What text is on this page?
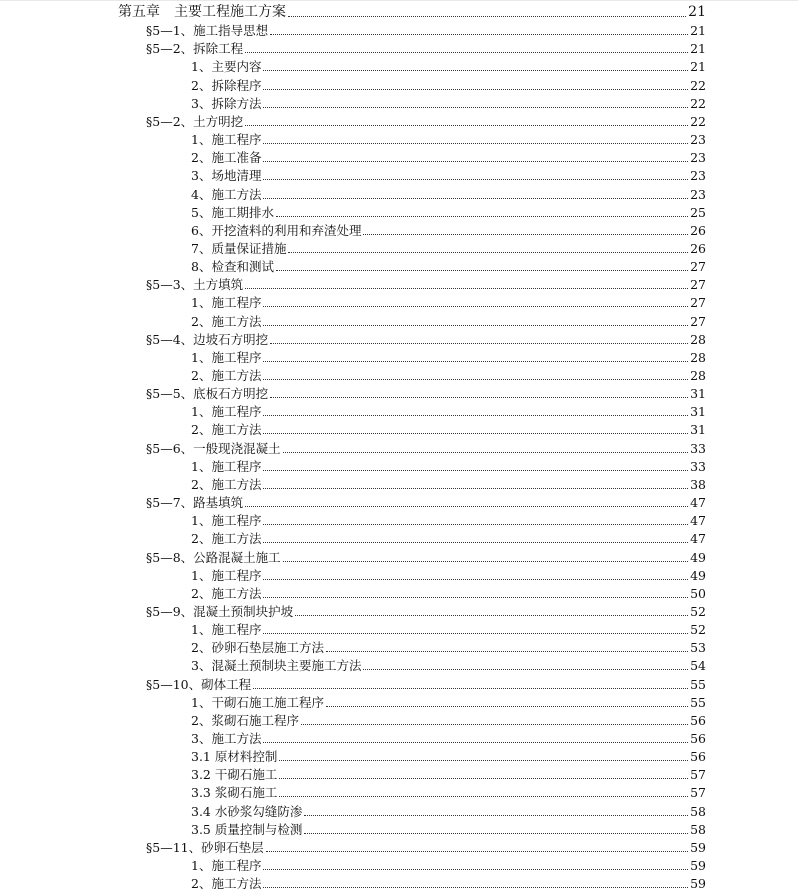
第五章　主要工程施工方案	21
§5—1、施工指导思想	21
§5—2、拆除工程	21
1、主要内容	21
2、拆除程序	22
3、拆除方法	22
§5—2、土方明挖	22
1、施工程序	23
2、施工准备	23
3、场地清理	23
4、施工方法	23
5、施工期排水	25
6、开挖渣料的利用和弃渣处理	26
7、质量保证措施	26
8、检查和测试	27
§5—3、土方填筑	27
1、施工程序	27
2、施工方法	27
§5—4、边坡石方明挖	28
1、施工程序	28
2、施工方法	28
§5—5、底板石方明挖	31
1、施工程序	31
2、施工方法	31
§5—6、一般现浇混凝土	33
1、施工程序	33
2、施工方法	38
§5—7、路基填筑	47
1、施工程序	47
2、施工方法	47
§5—8、公路混凝土施工	49
1、施工程序	49
2、施工方法	50
§5—9、混凝土预制块护坡	52
1、施工程序	52
2、砂卵石垫层施工方法	53
3、混凝土预制块主要施工方法	54
§5—10、砌体工程	55
1、干砌石施工施工程序	55
2、浆砌石施工程序	56
3、施工方法	56
3.1 原材料控制	56
3.2 干砌石施工	57
3.3 浆砌石施工	57
3.4 水砂浆勾缝防渗	58
3.5 质量控制与检测	58
§5—11、砂卵石垫层	59
1、施工程序	59
2、施工方法	59
